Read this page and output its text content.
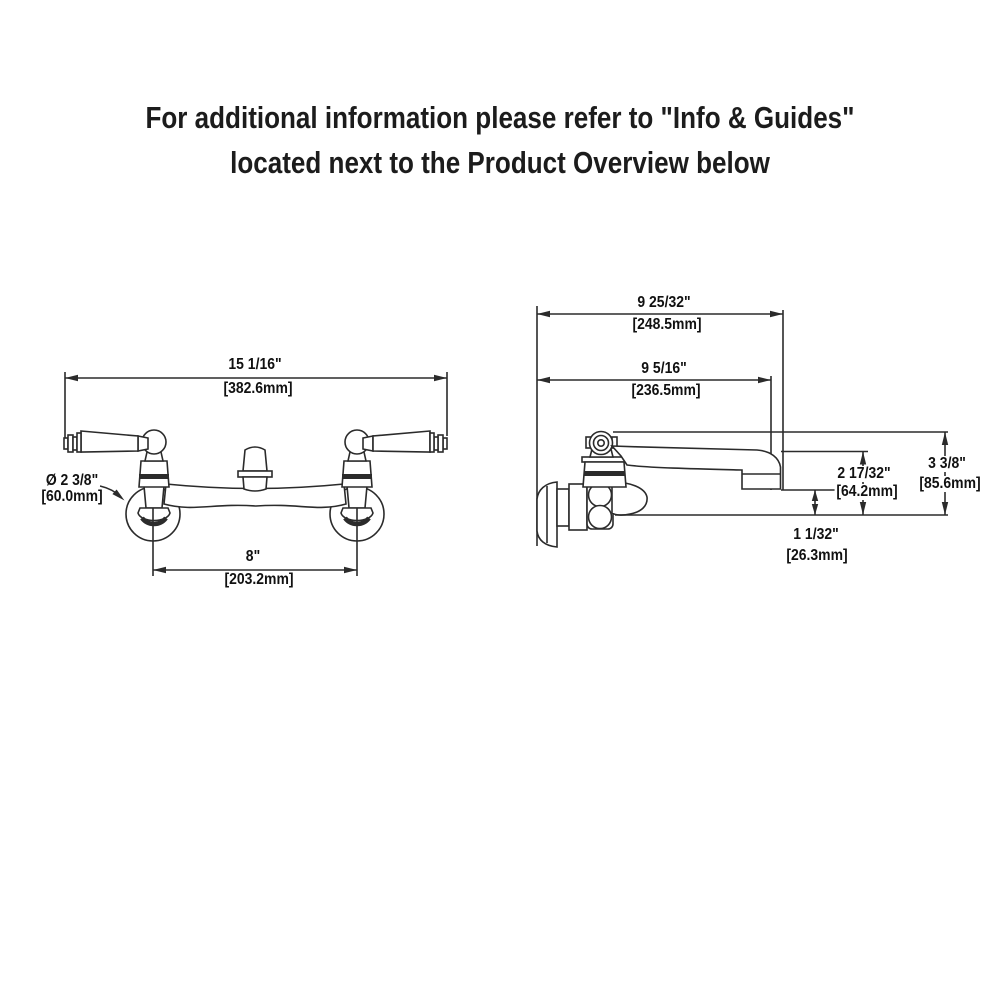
For additional information please refer to "Info & Guides"
located next to the Product Overview below
15 1/16"
[382.6mm]
Ø 2 3/8"
[60.0mm]
8"
[203.2mm]
9 25/32"
[248.5mm]
9 5/16"
[236.5mm]
3 3/8"
[85.6mm]
2 17/32"
[64.2mm]
1 1/32"
[26.3mm]
